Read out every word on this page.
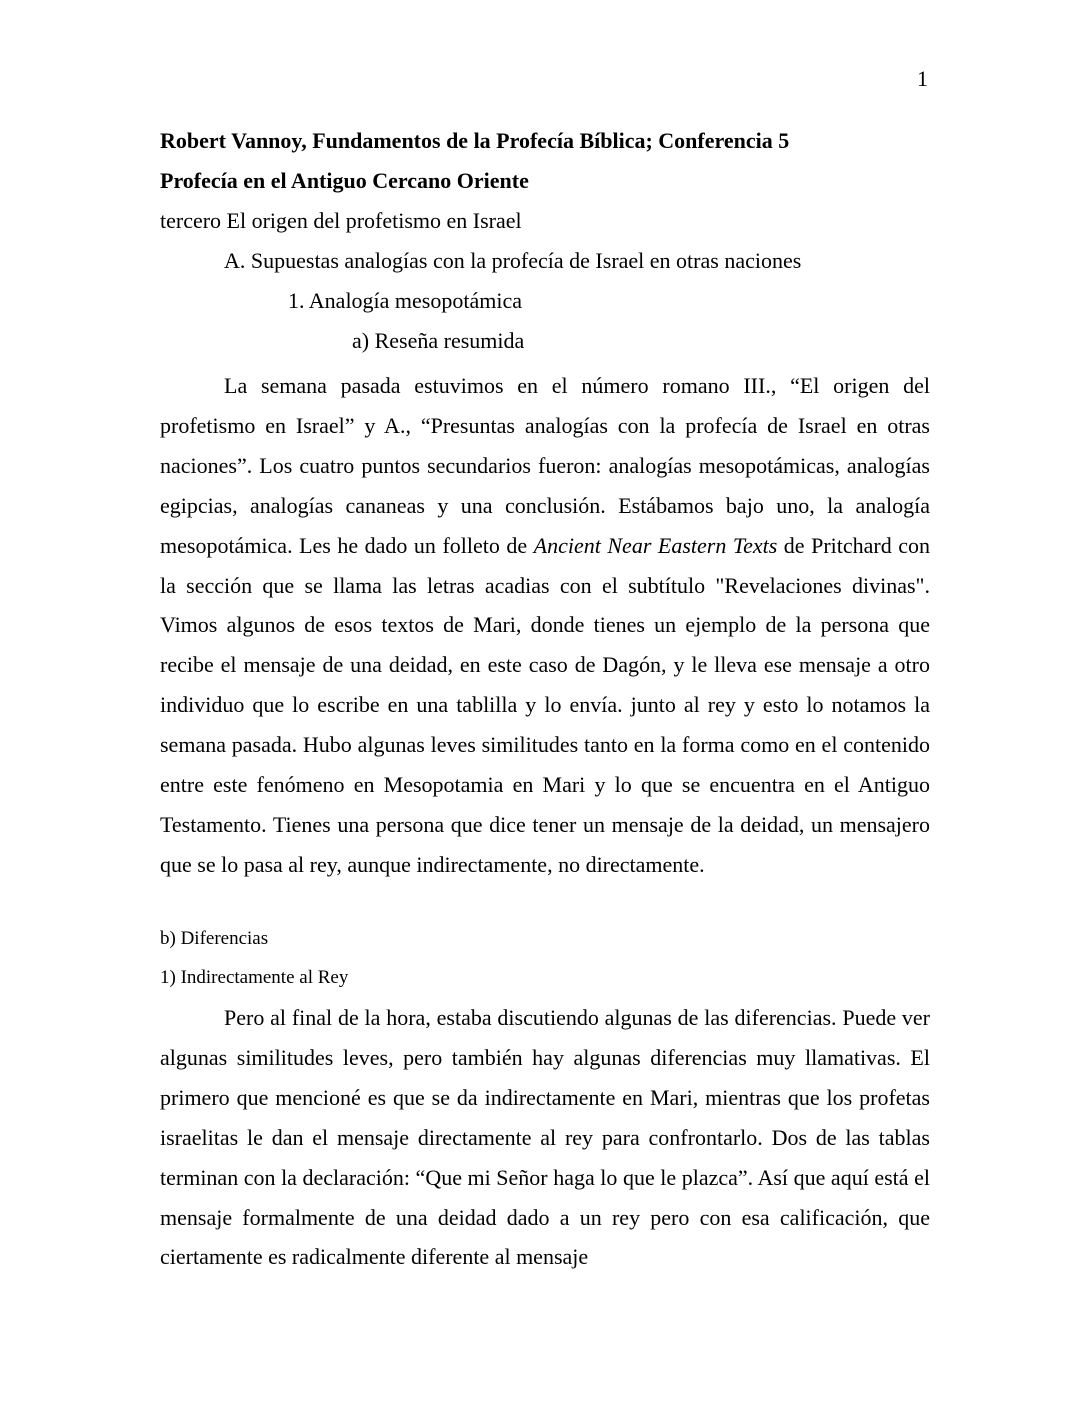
1
Robert Vannoy, Fundamentos de la Profecía Bíblica; Conferencia 5
Profecía en el Antiguo Cercano Oriente
tercero El origen del profetismo en Israel
A. Supuestas analogías con la profecía de Israel en otras naciones
1. Analogía mesopotámica
a) Reseña resumida

La semana pasada estuvimos en el número romano III., “El origen del profetismo en Israel” y A., “Presuntas analogías con la profecía de Israel en otras naciones”. Los cuatro puntos secundarios fueron: analogías mesopotámicas, analogías egipcias, analogías cananeas y una conclusión. Estábamos bajo uno, la analogía mesopotámica. Les he dado un folleto de Ancient Near Eastern Texts de Pritchard con la sección que se llama las letras acadias con el subtítulo "Revelaciones divinas". Vimos algunos de esos textos de Mari, donde tienes un ejemplo de la persona que recibe el mensaje de una deidad, en este caso de Dagón, y le lleva ese mensaje a otro individuo que lo escribe en una tablilla y lo envía. junto al rey y esto lo notamos la semana pasada. Hubo algunas leves similitudes tanto en la forma como en el contenido entre este fenómeno en Mesopotamia en Mari y lo que se encuentra en el Antiguo Testamento. Tienes una persona que dice tener un mensaje de la deidad, un mensajero que se lo pasa al rey, aunque indirectamente, no directamente.

b) Diferencias
1) Indirectamente al Rey

Pero al final de la hora, estaba discutiendo algunas de las diferencias. Puede ver algunas similitudes leves, pero también hay algunas diferencias muy llamativas. El primero que mencioné es que se da indirectamente en Mari, mientras que los profetas israelitas le dan el mensaje directamente al rey para confrontarlo. Dos de las tablas terminan con la declaración: “Que mi Señor haga lo que le plazca”. Así que aquí está el mensaje formalmente de una deidad dado a un rey pero con esa calificación, que ciertamente es radicalmente diferente al mensaje
